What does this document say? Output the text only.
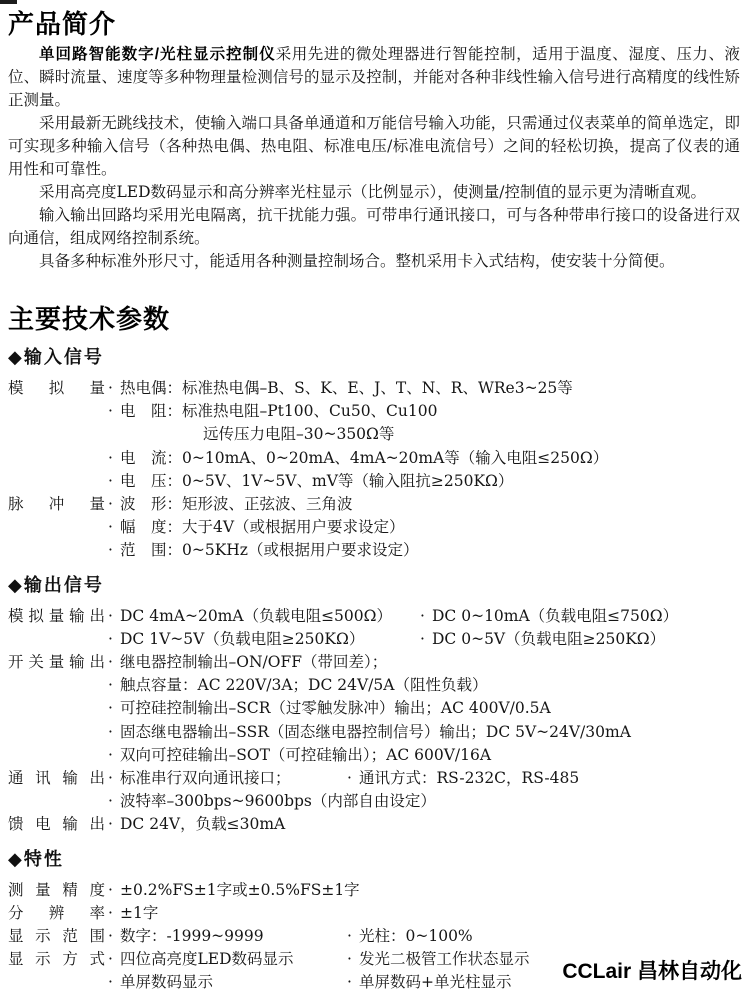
产品简介

单回路智能数字/光柱显示控制仪采用先进的微处理器进行智能控制，适用于温度、湿度、压力、液位、瞬时流量、速度等多种物理量检测信号的显示及控制，并能对各种非线性输入信号进行高精度的线性矫正测量。

采用最新无跳线技术，使输入端口具备单通道和万能信号输入功能，只需通过仪表菜单的简单选定，即可实现多种输入信号（各种热电偶、热电阻、标准电压/标准电流信号）之间的轻松切换，提高了仪表的通用性和可靠性。

采用高亮度LED数码显示和高分辨率光柱显示（比例显示），使测量/控制值的显示更为清晰直观。

输入输出回路均采用光电隔离，抗干扰能力强。可带串行通讯接口，可与各种带串行接口的设备进行双向通信，组成网络控制系统。

具备多种标准外形尺寸，能适用各种测量控制场合。整机采用卡入式结构，使安装十分简便。

主要技术参数
◆输入信号
模拟量 · 热电偶：标准热电偶–B、S、K、E、J、T、N、R、WRe3~25等
· 电　阻：标准热电阻–Pt100、Cu50、Cu100
远传压力电阻–30~350Ω等
· 电　流：0~10mA、0~20mA、4mA~20mA等（输入电阻≤250Ω）
· 电　压：0~5V、1V~5V、mV等（输入阻抗≥250KΩ）
脉冲量 · 波　形：矩形波、正弦波、三角波
· 幅　度：大于4V（或根据用户要求设定）
· 范　围：0~5KHz（或根据用户要求设定）
◆输出信号
模拟量输出 · DC 4mA~20mA（负载电阻≤500Ω） · DC 0~10mA（负载电阻≤750Ω）
· DC 1V~5V（负载电阻≥250KΩ）	· DC 0~5V（负载电阻≥250KΩ）
开关量输出 · 继电器控制输出–ON/OFF（带回差）；
· 触点容量：AC 220V/3A；DC 24V/5A（阻性负载）
· 可控硅控制输出–SCR（过零触发脉冲）输出；AC 400V/0.5A
· 固态继电器输出–SSR（固态继电器控制信号）输出；DC 5V~24V/30mA
· 双向可控硅输出–SOT（可控硅输出）；AC 600V/16A
通讯输出 · 标准串行双向通讯接口；	· 通讯方式：RS-232C，RS-485
· 波特率–300bps~9600bps（内部自由设定）
馈电输出 · DC 24V，负载≤30mA
◆特性
测量精度 · ±0.2%FS±1字或±0.5%FS±1字
分辨率 · ±1字
显示范围 · 数字：-1999~9999	· 光柱：0~100%
显示方式 · 四位高亮度LED数码显示	· 发光二极管工作状态显示
· 单屏数码显示	· 单屏数码+单光柱显示 CCLair 昌林自动化
